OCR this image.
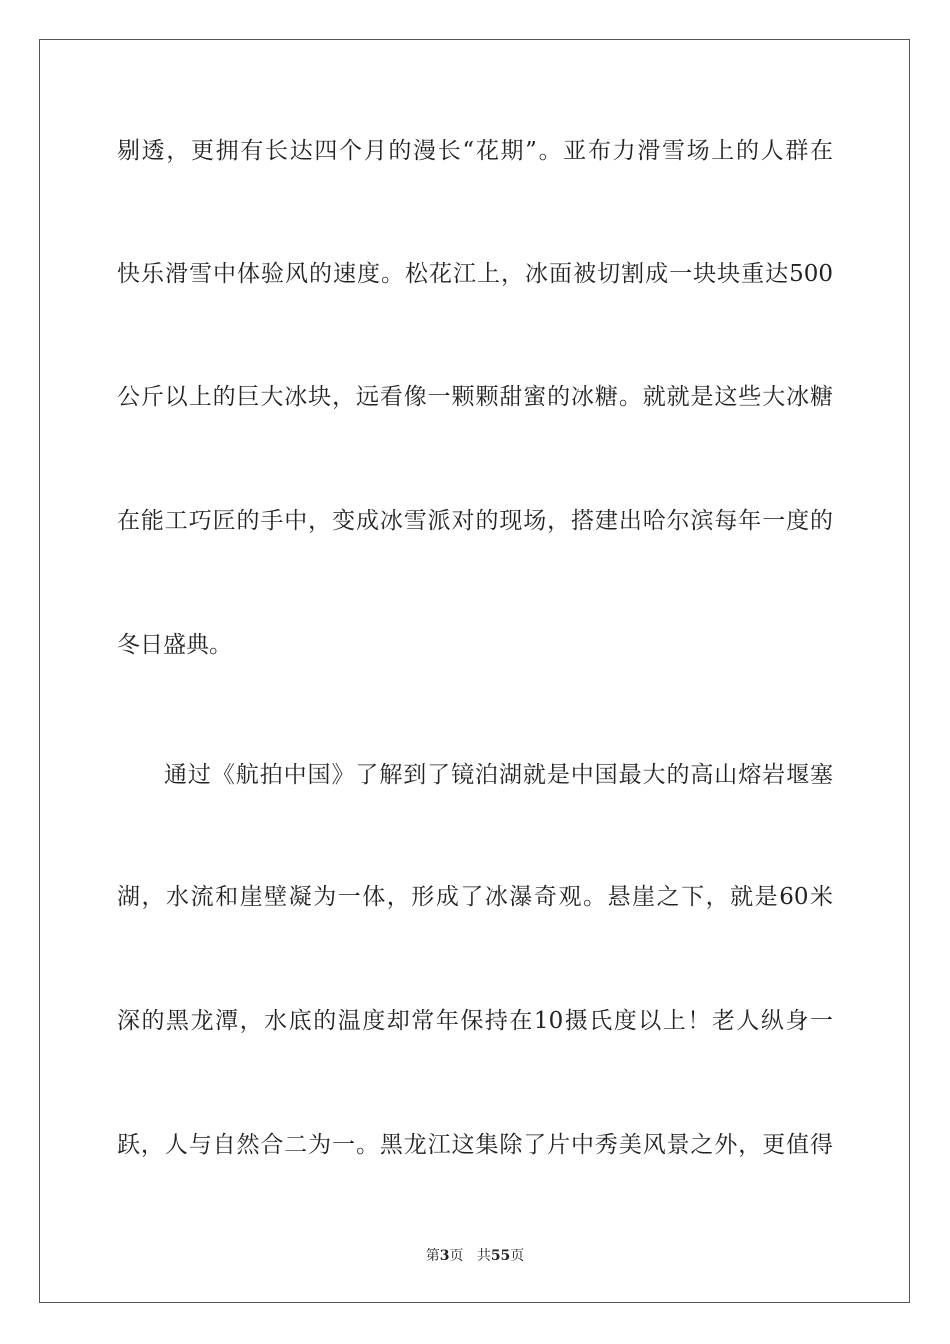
剔透，更拥有长达四个月的漫长“花期”。亚布力滑雪场上的人群在
快乐滑雪中体验风的速度。松花江上，冰面被切割成一块块重达500
公斤以上的巨大冰块，远看像一颗颗甜蜜的冰糖。就就是这些大冰糖
在能工巧匠的手中，变成冰雪派对的现场，搭建出哈尔滨每年一度的
冬日盛典。
通过《航拍中国》了解到了镜泊湖就是中国最大的高山熔岩堰塞
湖，水流和崖壁凝为一体，形成了冰瀑奇观。悬崖之下，就是60米
深的黑龙潭，水底的温度却常年保持在10摄氏度以上！老人纵身一
跃，人与自然合二为一。黑龙江这集除了片中秀美风景之外，更值得
第3页 共55页
